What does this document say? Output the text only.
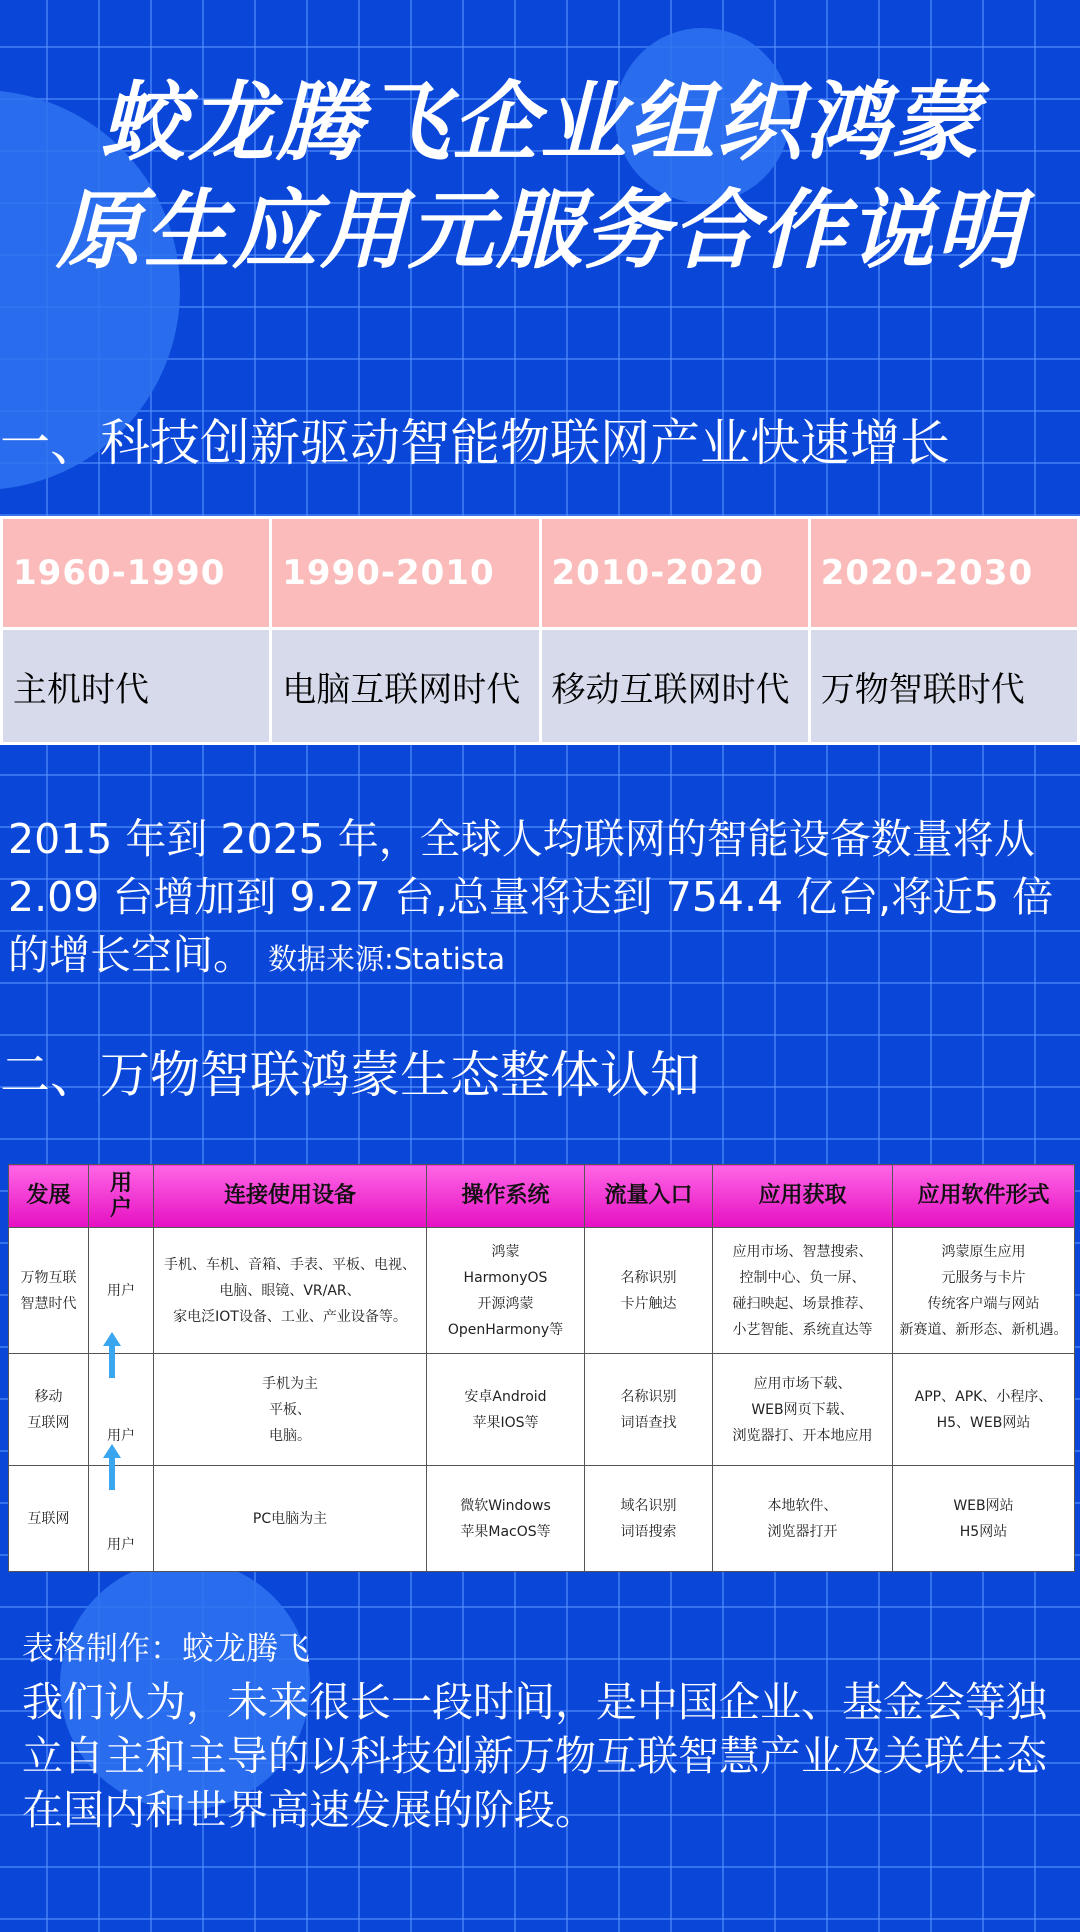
蛟龙腾飞企业组织鸿蒙
原生应用元服务合作说明
一、科技创新驱动智能物联网产业快速增长
1960-1990	1990-2010	2010-2020	2020-2030
主机时代	电脑互联网时代	移动互联网时代	万物智联时代
2015 年到 2025 年，全球人均联网的智能设备数量将从 2.09 台增加到 9.27 台,总量将达到 754.4 亿台,将近5 倍的增长空间。 数据来源:Statista
二、万物智联鸿蒙生态整体认知
发展	用户	连接使用设备	操作系统	流量入口	应用获取	应用软件形式
万物互联
智慧时代	用户	手机、车机、音箱、手表、平板、电视、
电脑、眼镜、VR/AR、
家电泛IOT设备、工业、产业设备等。	鸿蒙
HarmonyOS
开源鸿蒙
OpenHarmony等	名称识别
卡片触达	应用市场、智慧搜索、
控制中心、负一屏、
碰扫映起、场景推荐、
小艺智能、系统直达等	鸿蒙原生应用
元服务与卡片
传统客户端与网站
新赛道、新形态、新机遇。
移动
互联网	用户	手机为主
平板、
电脑。	安卓Android
苹果IOS等	名称识别
词语查找	应用市场下载、
WEB网页下载、
浏览器打、开本地应用	APP、APK、小程序、
H5、WEB网站
互联网	用户	PC电脑为主	微软Windows
苹果MacOS等	域名识别
词语搜索	本地软件、
浏览器打开	WEB网站
H5网站
表格制作：蛟龙腾飞
我们认为，未来很长一段时间，是中国企业、基金会等独立自主和主导的以科技创新万物互联智慧产业及关联生态在国内和世界高速发展的阶段。
